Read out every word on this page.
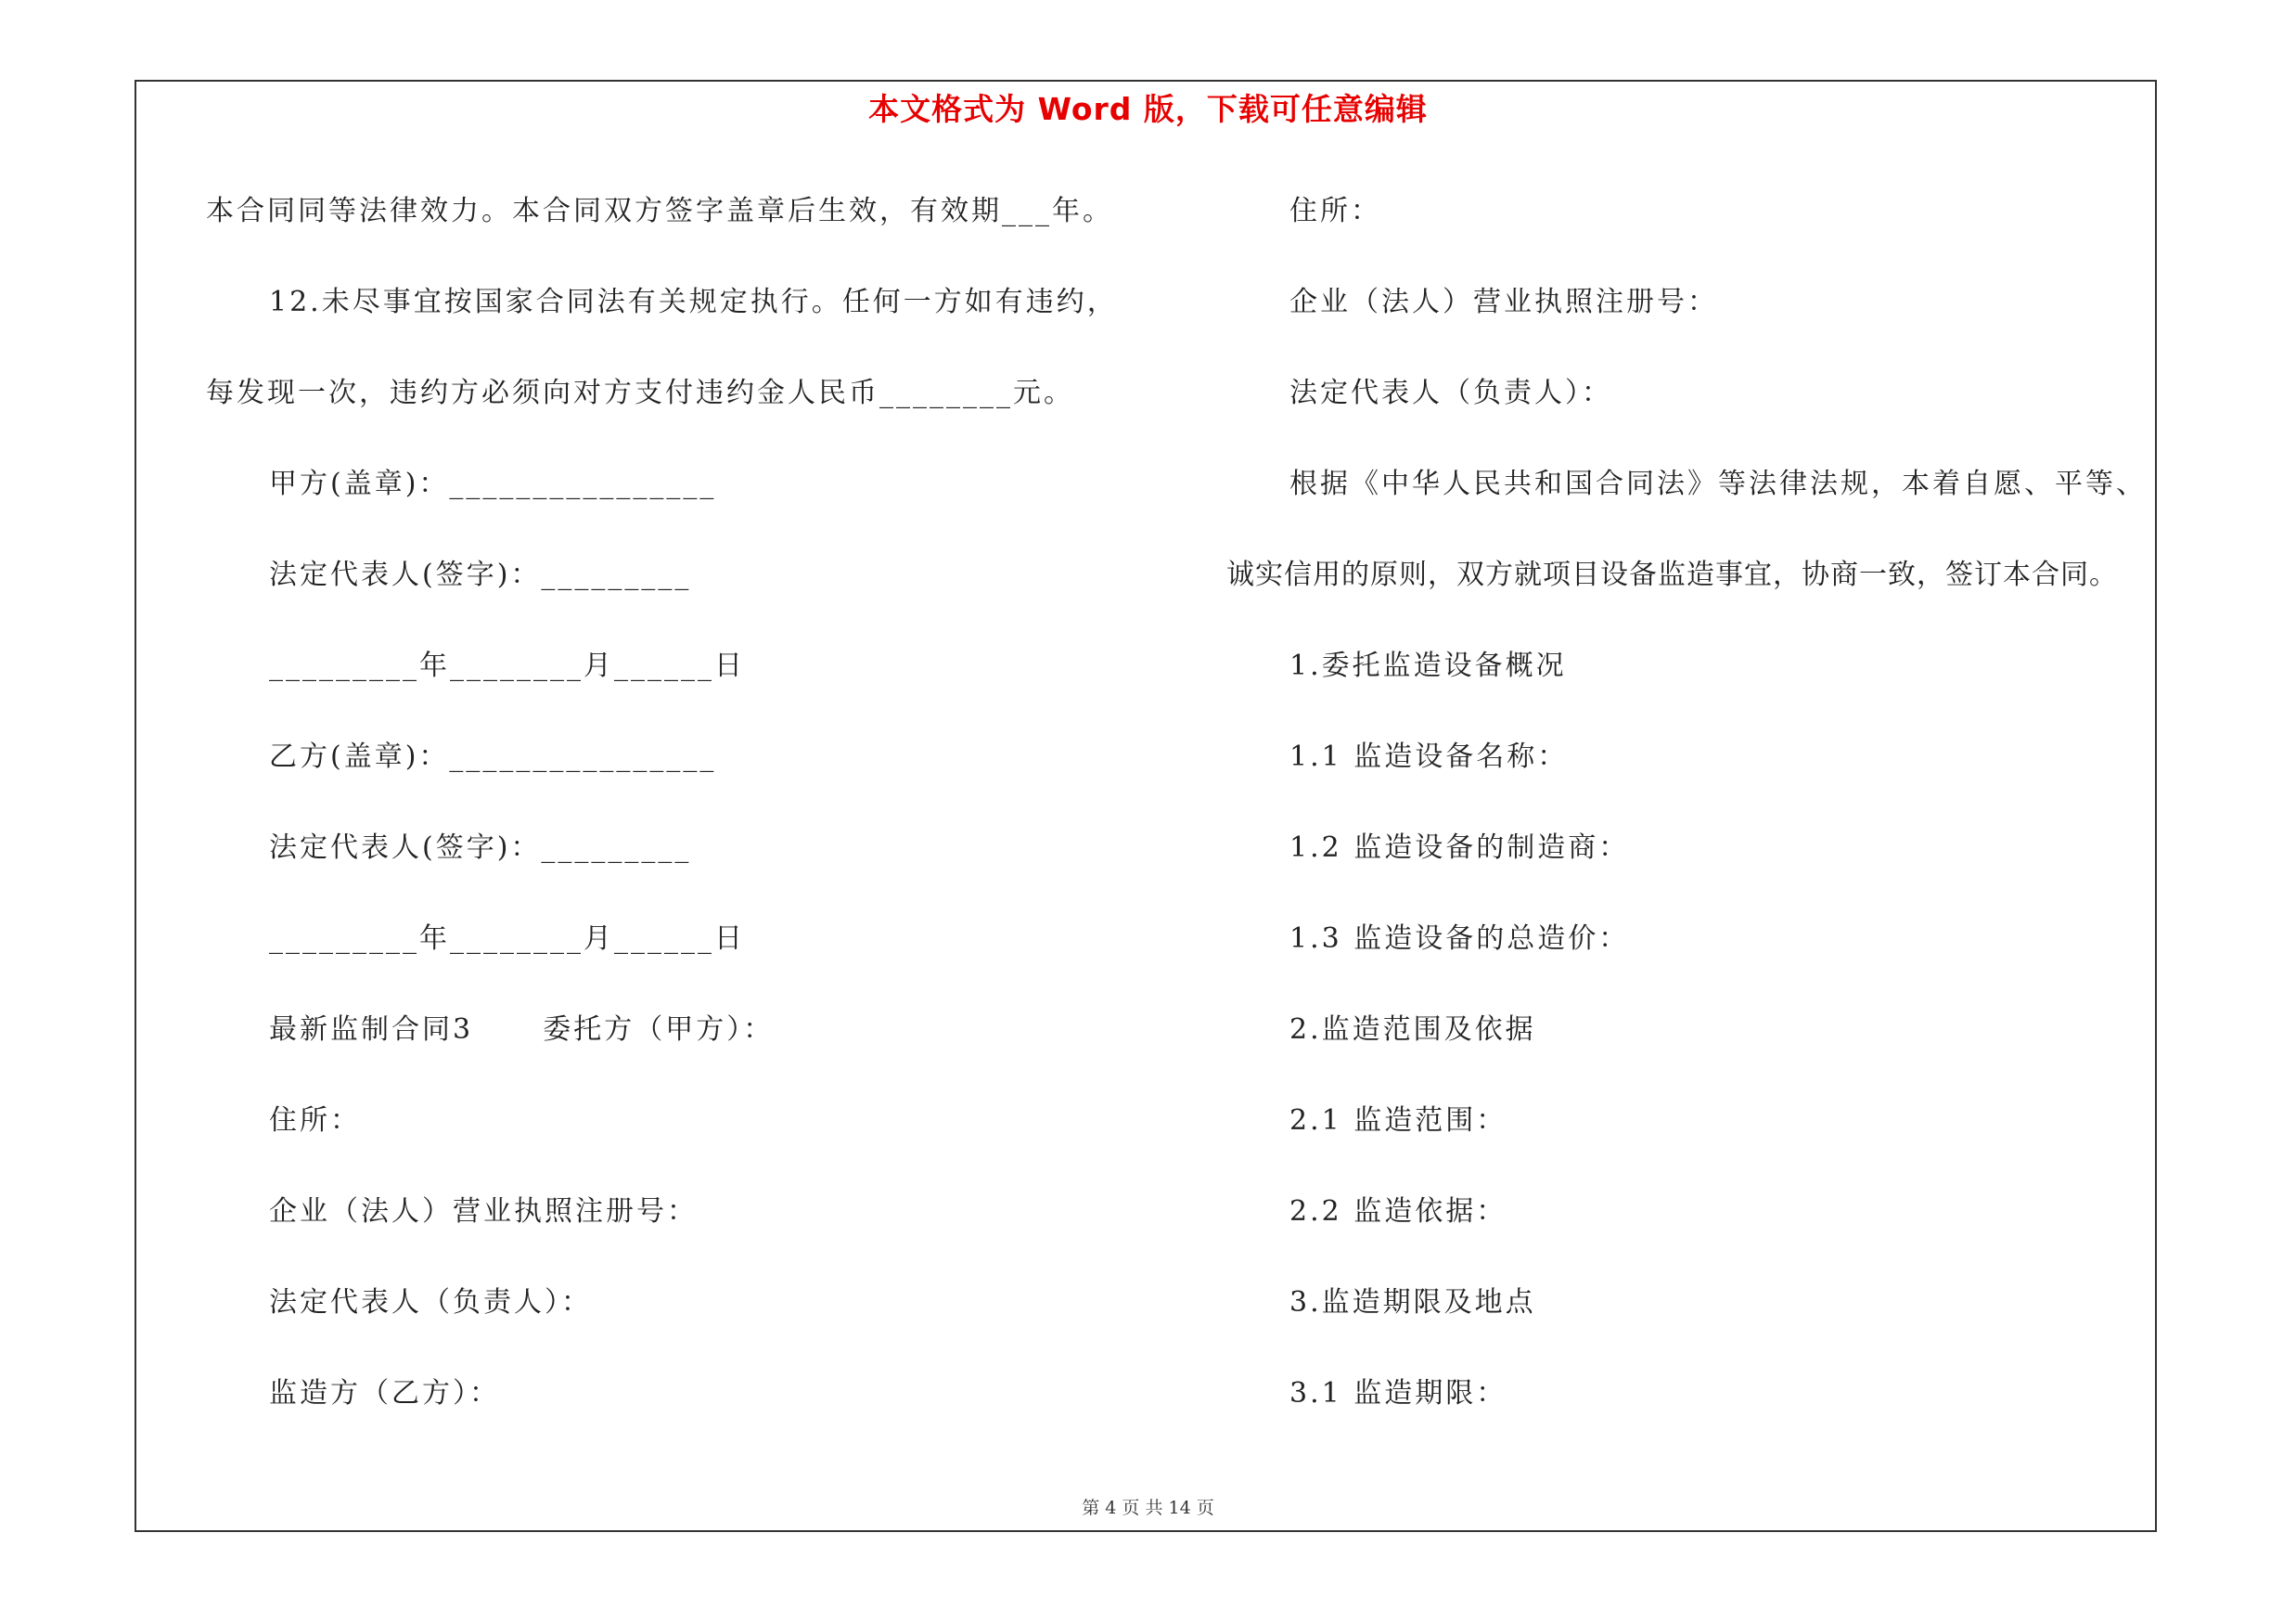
本文格式为 Word 版，下载可任意编辑
本合同同等法律效力。本合同双方签字盖章后生效，有效期___年。
12.未尽事宜按国家合同法有关规定执行。任何一方如有违约，
每发现一次，违约方必须向对方支付违约金人民币________元。
甲方(盖章)：________________
法定代表人(签字)：_________
_________年________月______日
乙方(盖章)：________________
法定代表人(签字)：_________
_________年________月______日
最新监制合同3      委托方（甲方）：
住所：
企业（法人）营业执照注册号：
法定代表人（负责人）：
监造方（乙方）：
住所：
企业（法人）营业执照注册号：
法定代表人（负责人）：
根据《中华人民共和国合同法》等法律法规，本着自愿、平等、
诚实信用的原则，双方就项目设备监造事宜，协商一致，签订本合同。
1.委托监造设备概况
1.1 监造设备名称：
1.2 监造设备的制造商：
1.3 监造设备的总造价：
2.监造范围及依据
2.1 监造范围：
2.2 监造依据：
3.监造期限及地点
3.1 监造期限：
第 4 页 共 14 页
